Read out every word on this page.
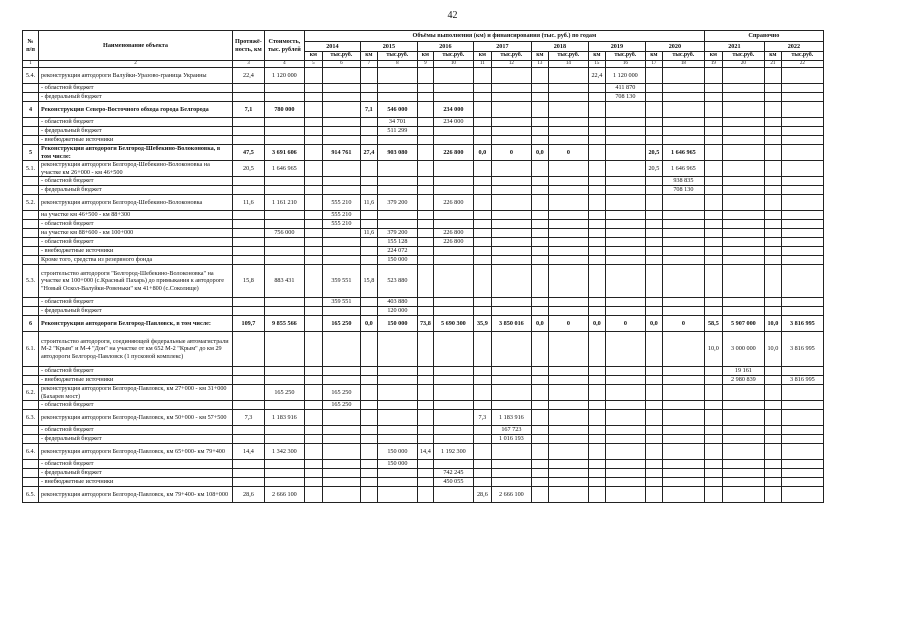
42
№ п/п	Наименование объекта	Протяжё-ность, км	Стоимость, тыс. рублей	Объёмы выполнения (км) и финансирования (тыс. руб.) по годам														Справочно			
				2014		2015		2016		2017		2018		2019		2020		2021		2022	
				км	тыс.руб.	км	тыс.руб.	км	тыс.руб.	км	тыс.руб.	км	тыс.руб.	км	тыс.руб.	км	тыс.руб.	км	тыс.руб.	км	тыс.руб.
1	2	3	4	5	6	7	8	9	10	11	12	13	14	15	16	17	18	19	20	21	22
5.4.	реконструкция автодороги Валуйки-Уразово-граница Украины	22,4	1 120 000											22,4	1 120 000						
	- областной бюджет														411 870						
	- федеральный бюджет														708 130						
4	Реконструкция Северо-Восточного обхода города Белгорода	7,1	780 000			7,1	546 000		234 000												
	- областной бюджет						34 701		234 000												
	- федеральный бюджет						511 299														
	- внебюджетные источники																				
5	Реконструкция автодороги Белгород-Шебекино-Волоконовка, в том числе:	47,5	3 691 606		914 761	27,4	903 080		226 800	0,0	0	0,0	0			20,5	1 646 965				
5.1.	реконструкция автодороги Белгород-Шебекино-Волоконовка на участке км 26+000 - км 46+500	20,5	1 646 965													20,5	1 646 965				
	- областной бюджет																938 835				
	- федеральный бюджет																708 130				
5.2.	реконструкция автодороги Белгород-Шебекино-Волоконовка	11,6	1 161 210		555 210	11,6	379 200		226 800												
	на участке км 46+500 - км 88+300				555 210																
	- областной бюджет				555 210																
	на участке км 88+600 - км 100+000		756 000			11,6	379 200		226 800												
	- областной бюджет						155 128		226 800												
	- внебюджетные источники						224 072														
	Кроме того, средства из резервного фонда						150 000														
5.3.	строительство автодороги "Белгород-Шебекино-Волоконовка" на участке км 100+000 (с.Красный Пахарь) до примыкания к автодороге "Новый Оскол-Валуйки-Ровеньки" км 41+800 (с.Соколище)	15,8	883 431		359 551	15,8	523 880														
	- областной бюджет				359 551		403 880														
	- федеральный бюджет						120 000														
6	Реконструкция автодороги Белгород-Павловск, в том числе:	109,7	9 855 566		165 250	0,0	150 000	73,8	5 690 300	35,9	3 850 016	0,0	0	0,0	0	0,0	0	58,5	5 907 000	10,0	3 816 995
6.1.	строительство автодороги, соединяющей федеральные автомагистрали М-2 "Крым" и М-4 "Дон" на участке от км 652 М-2 "Крым" до км 29 автодороги Белгород-Павловск (1 пусковой комплекс)																	10,0	3 000 000	10,0	3 816 995
	- областной бюджет																		19 161		
	- внебюджетные источники																		2 980 839		3 816 995
6.2.	реконструкция автодороги Белгород-Павловск, км 27+000 - км 31+000 (Бахарев мост)		165 250		165 250																
	- областной бюджет				165 250																
6.3.	реконструкция автодороги Белгород-Павловск, км 50+000 - км 57+500	7,3	1 183 916							7,3	1 183 916										
	- областной бюджет										167 723										
	- федеральный бюджет										1 016 193										
6.4.	реконструкция автодороги Белгород-Павловск, км 65+000- км 79+400	14,4	1 342 300				150 000	14,4	1 192 300												
	- областной бюджет						150 000														
	- федеральный бюджет								742 245												
	- внебюджетные источники								450 055												
6.5.	реконструкция автодороги Белгород-Павловск, км 79+400- км 108+000	28,6	2 666 100							28,6	2 666 100										
